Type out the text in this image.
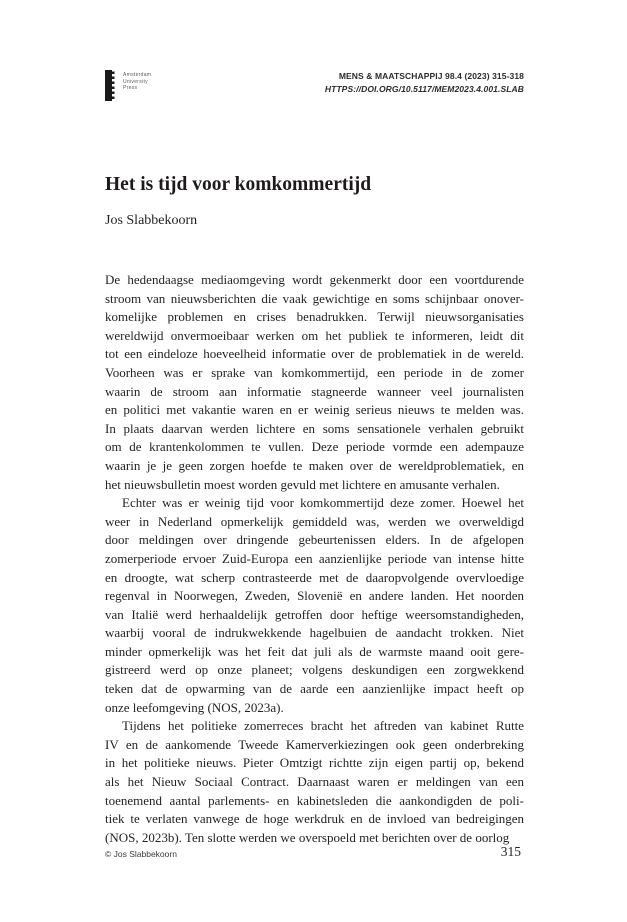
Amsterdam
University
Press
MENS & MAATSCHAPPIJ 98.4 (2023) 315-318
HTTPS://DOI.ORG/10.5117/MEM2023.4.001.SLAB
Het is tijd voor komkommertijd
Jos Slabbekoorn
De hedendaagse mediaomgeving wordt gekenmerkt door een voortdurende
stroom van nieuwsberichten die vaak gewichtige en soms schijnbaar onover-
komelijke problemen en crises benadrukken. Terwijl nieuwsorganisaties
wereldwijd onvermoeibaar werken om het publiek te informeren, leidt dit
tot een eindeloze hoeveelheid informatie over de problematiek in de wereld.
Voorheen was er sprake van komkommertijd, een periode in de zomer
waarin de stroom aan informatie stagneerde wanneer veel journalisten
en politici met vakantie waren en er weinig serieus nieuws te melden was.
In plaats daarvan werden lichtere en soms sensationele verhalen gebruikt
om de krantenkolommen te vullen. Deze periode vormde een adempauze
waarin je je geen zorgen hoefde te maken over de wereldproblematiek, en
het nieuwsbulletin moest worden gevuld met lichtere en amusante verhalen.
Echter was er weinig tijd voor komkommertijd deze zomer. Hoewel het
weer in Nederland opmerkelijk gemiddeld was, werden we overweldigd
door meldingen over dringende gebeurtenissen elders. In de afgelopen
zomerperiode ervoer Zuid-Europa een aanzienlijke periode van intense hitte
en droogte, wat scherp contrasteerde met de daaropvolgende overvloedige
regenval in Noorwegen, Zweden, Slovenië en andere landen. Het noorden
van Italië werd herhaaldelijk getroffen door heftige weersomstandigheden,
waarbij vooral de indrukwekkende hagelbuien de aandacht trokken. Niet
minder opmerkelijk was het feit dat juli als de warmste maand ooit gere-
gistreerd werd op onze planeet; volgens deskundigen een zorgwekkend
teken dat de opwarming van de aarde een aanzienlijke impact heeft op
onze leefomgeving (NOS, 2023a).
Tijdens het politieke zomerreces bracht het aftreden van kabinet Rutte
IV en de aankomende Tweede Kamerverkiezingen ook geen onderbreking
in het politieke nieuws. Pieter Omtzigt richtte zijn eigen partij op, bekend
als het Nieuw Sociaal Contract. Daarnaast waren er meldingen van een
toenemend aantal parlements- en kabinetsleden die aankondigden de poli-
tiek te verlaten vanwege de hoge werkdruk en de invloed van bedreigingen
(NOS, 2023b). Ten slotte werden we overspoeld met berichten over de oorlog
© Jos Slabbekoorn	315
